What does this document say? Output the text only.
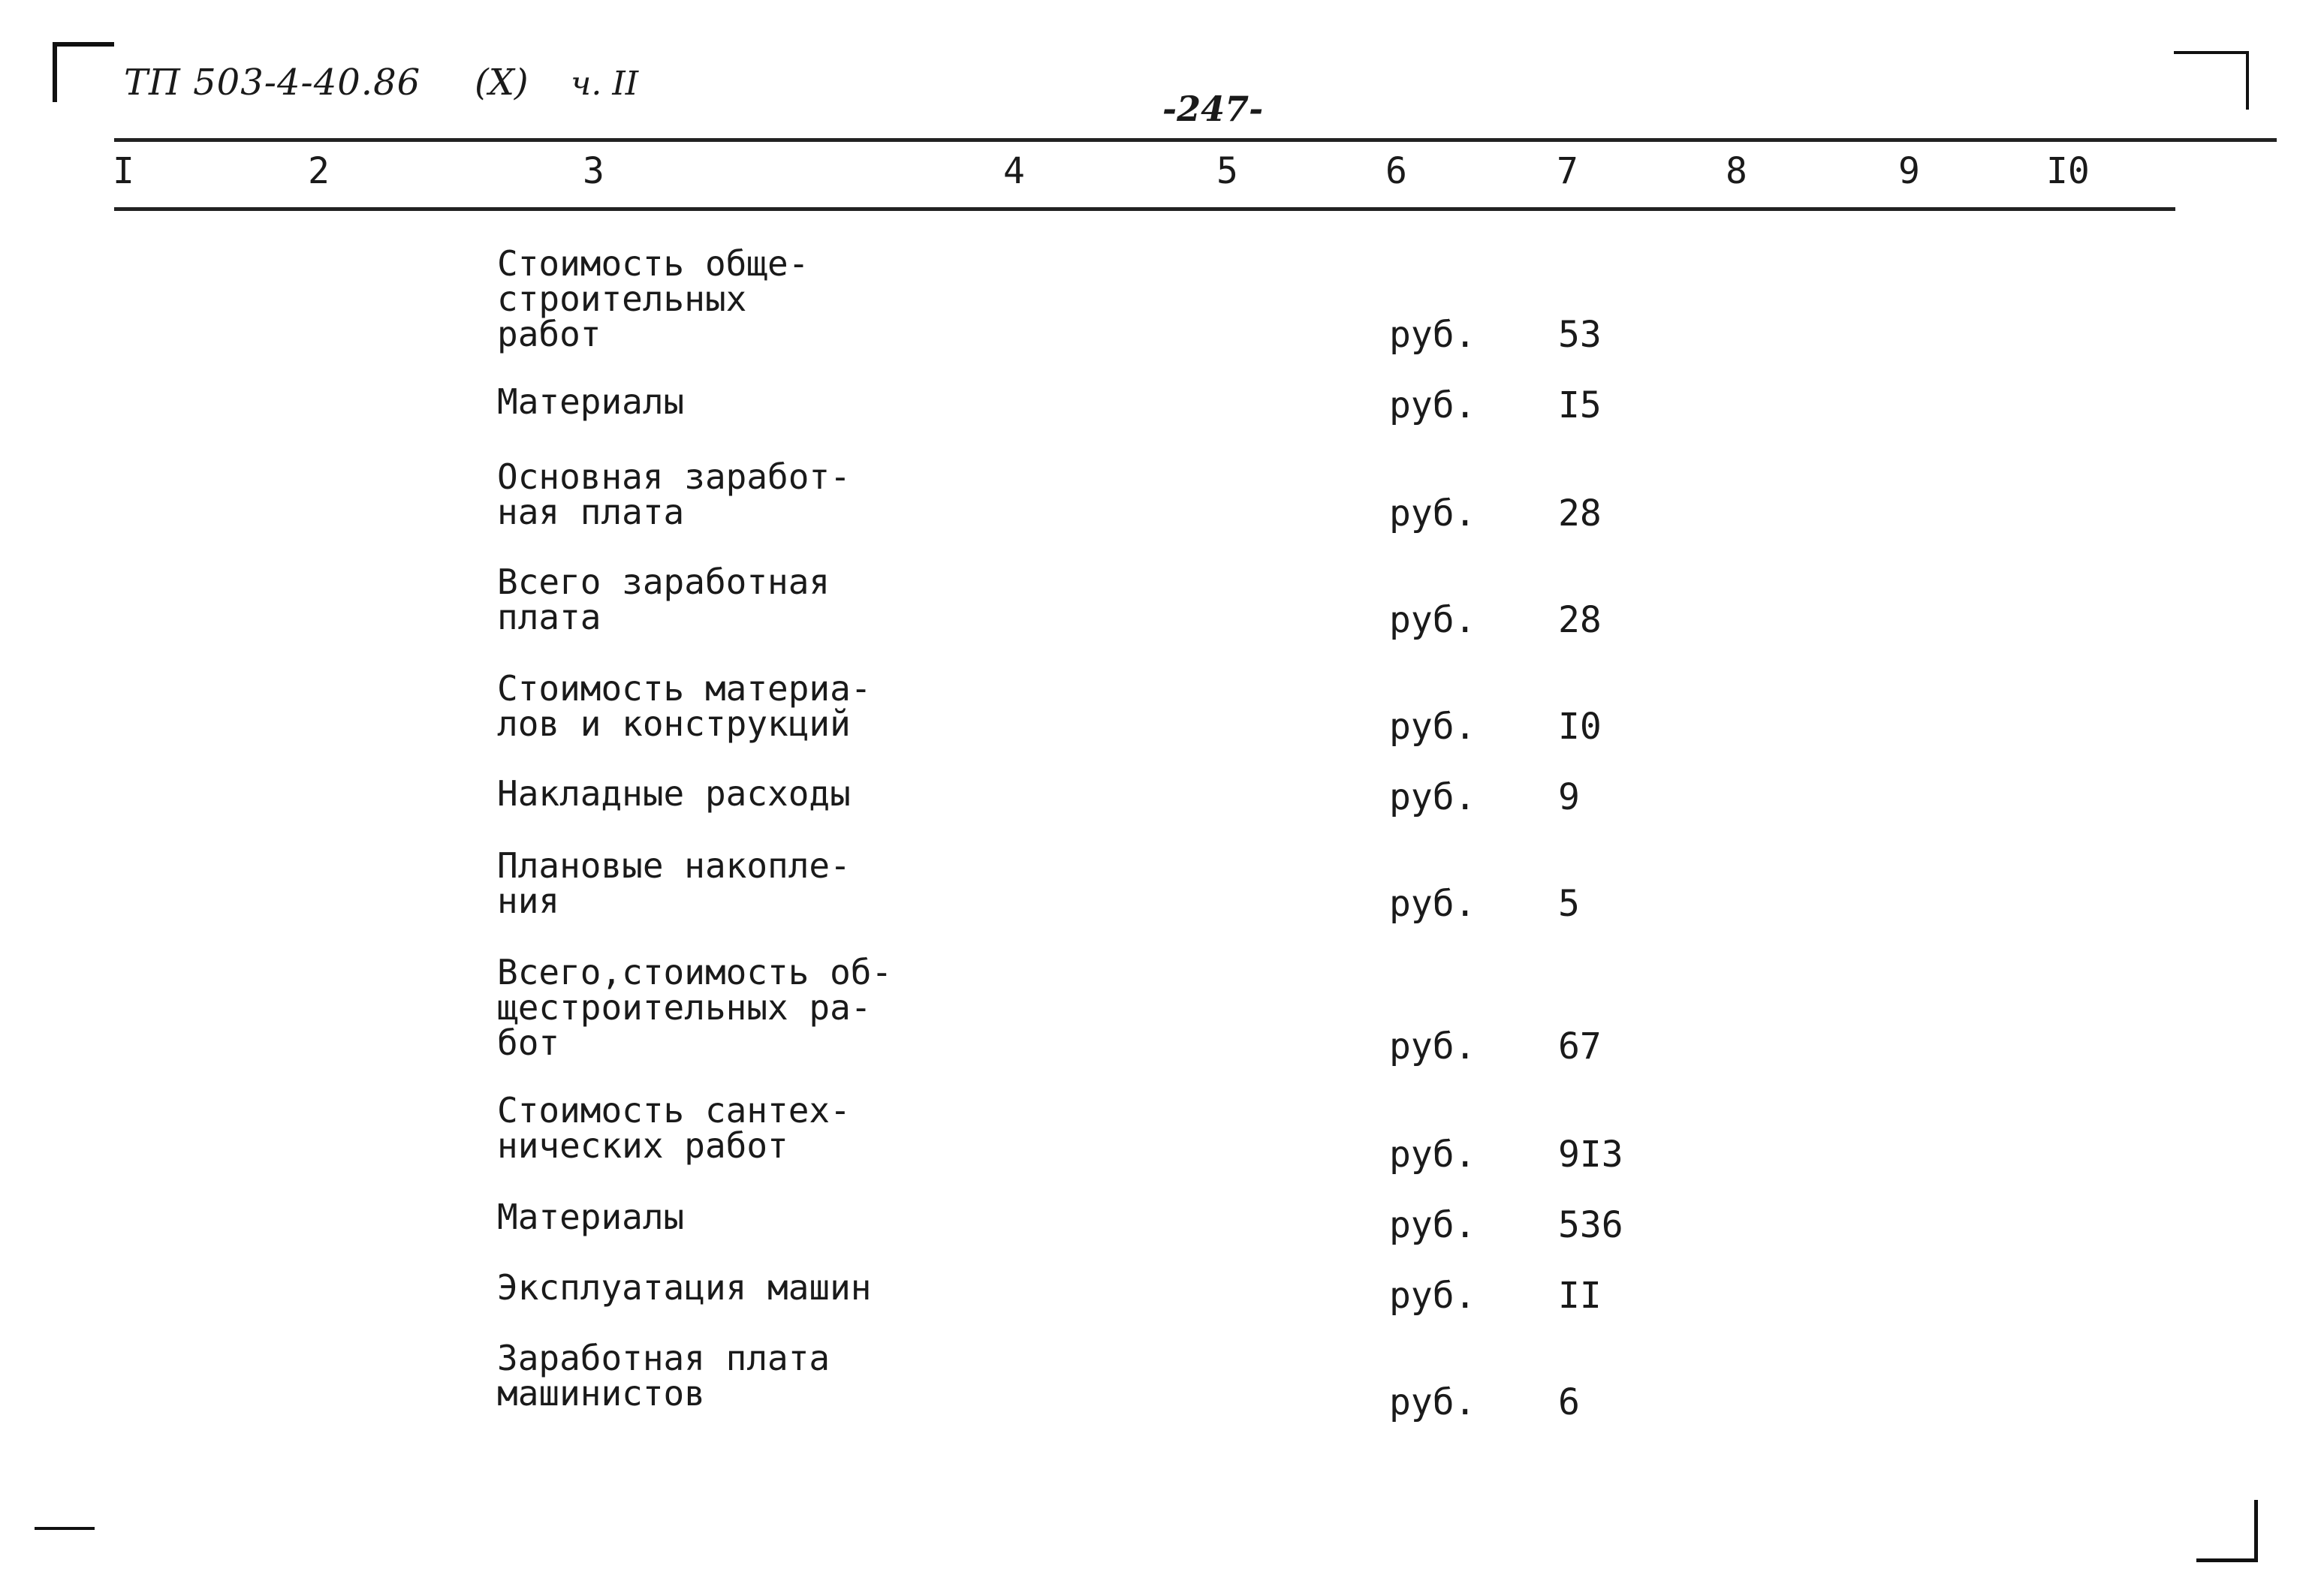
ТП 503-4-40.86 (X) ч. II
-247-
I	2	3	4	5	6	7	8	9	I0
Стоимость обще-
строительных
работ	руб. 53
Материалы	руб. I5
Основная заработ-
ная плата	руб. 28
Всего заработная
плата	руб. 28
Стоимость материа-
лов и конструкций	руб. I0
Накладные расходы	руб. 9
Плановые накопле-
ния	руб. 5
Всего,стоимость об-
щестроительных ра-
бот	руб. 67
Стоимость сантех-
нических работ	руб. 9I3
Материалы	руб. 536
Эксплуатация машин	руб. II
Заработная плата
машинистов	руб. 6
